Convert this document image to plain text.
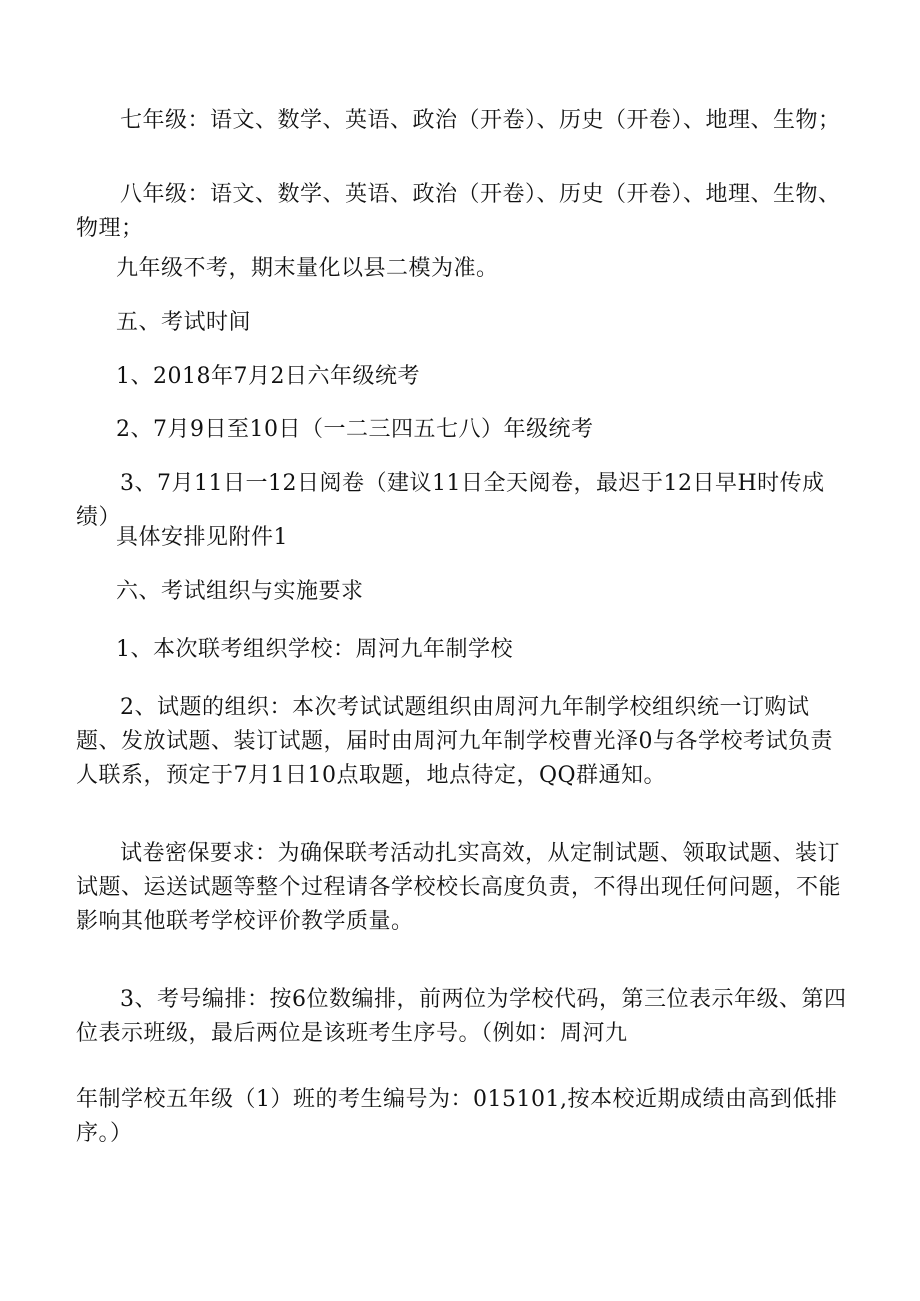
七年级：语文、数学、英语、政治（开卷）、历史（开卷）、地理、生物；

八年级：语文、数学、英语、政治（开卷）、历史（开卷）、地理、生物、物理；

九年级不考，期末量化以县二模为准。

五、考试时间

1、2018年7月2日六年级统考

2、7月9日至10日（一二三四五七八）年级统考

3、7月11日一12日阅卷（建议11日全天阅卷，最迟于12日早H时传成绩）

具体安排见附件1

六、考试组织与实施要求

1、本次联考组织学校：周河九年制学校

2、试题的组织：本次考试试题组织由周河九年制学校组织统一订购试题、发放试题、装订试题，届时由周河九年制学校曹光泽0与各学校考试负责人联系，预定于7月1日10点取题，地点待定，QQ群通知。

试卷密保要求：为确保联考活动扎实高效，从定制试题、领取试题、装订试题、运送试题等整个过程请各学校校长高度负责，不得出现任何问题，不能影响其他联考学校评价教学质量。

3、考号编排：按6位数编排，前两位为学校代码，第三位表示年级、第四位表示班级，最后两位是该班考生序号。（例如：周河九

年制学校五年级（1）班的考生编号为：015101,按本校近期成绩由高到低排序。）
